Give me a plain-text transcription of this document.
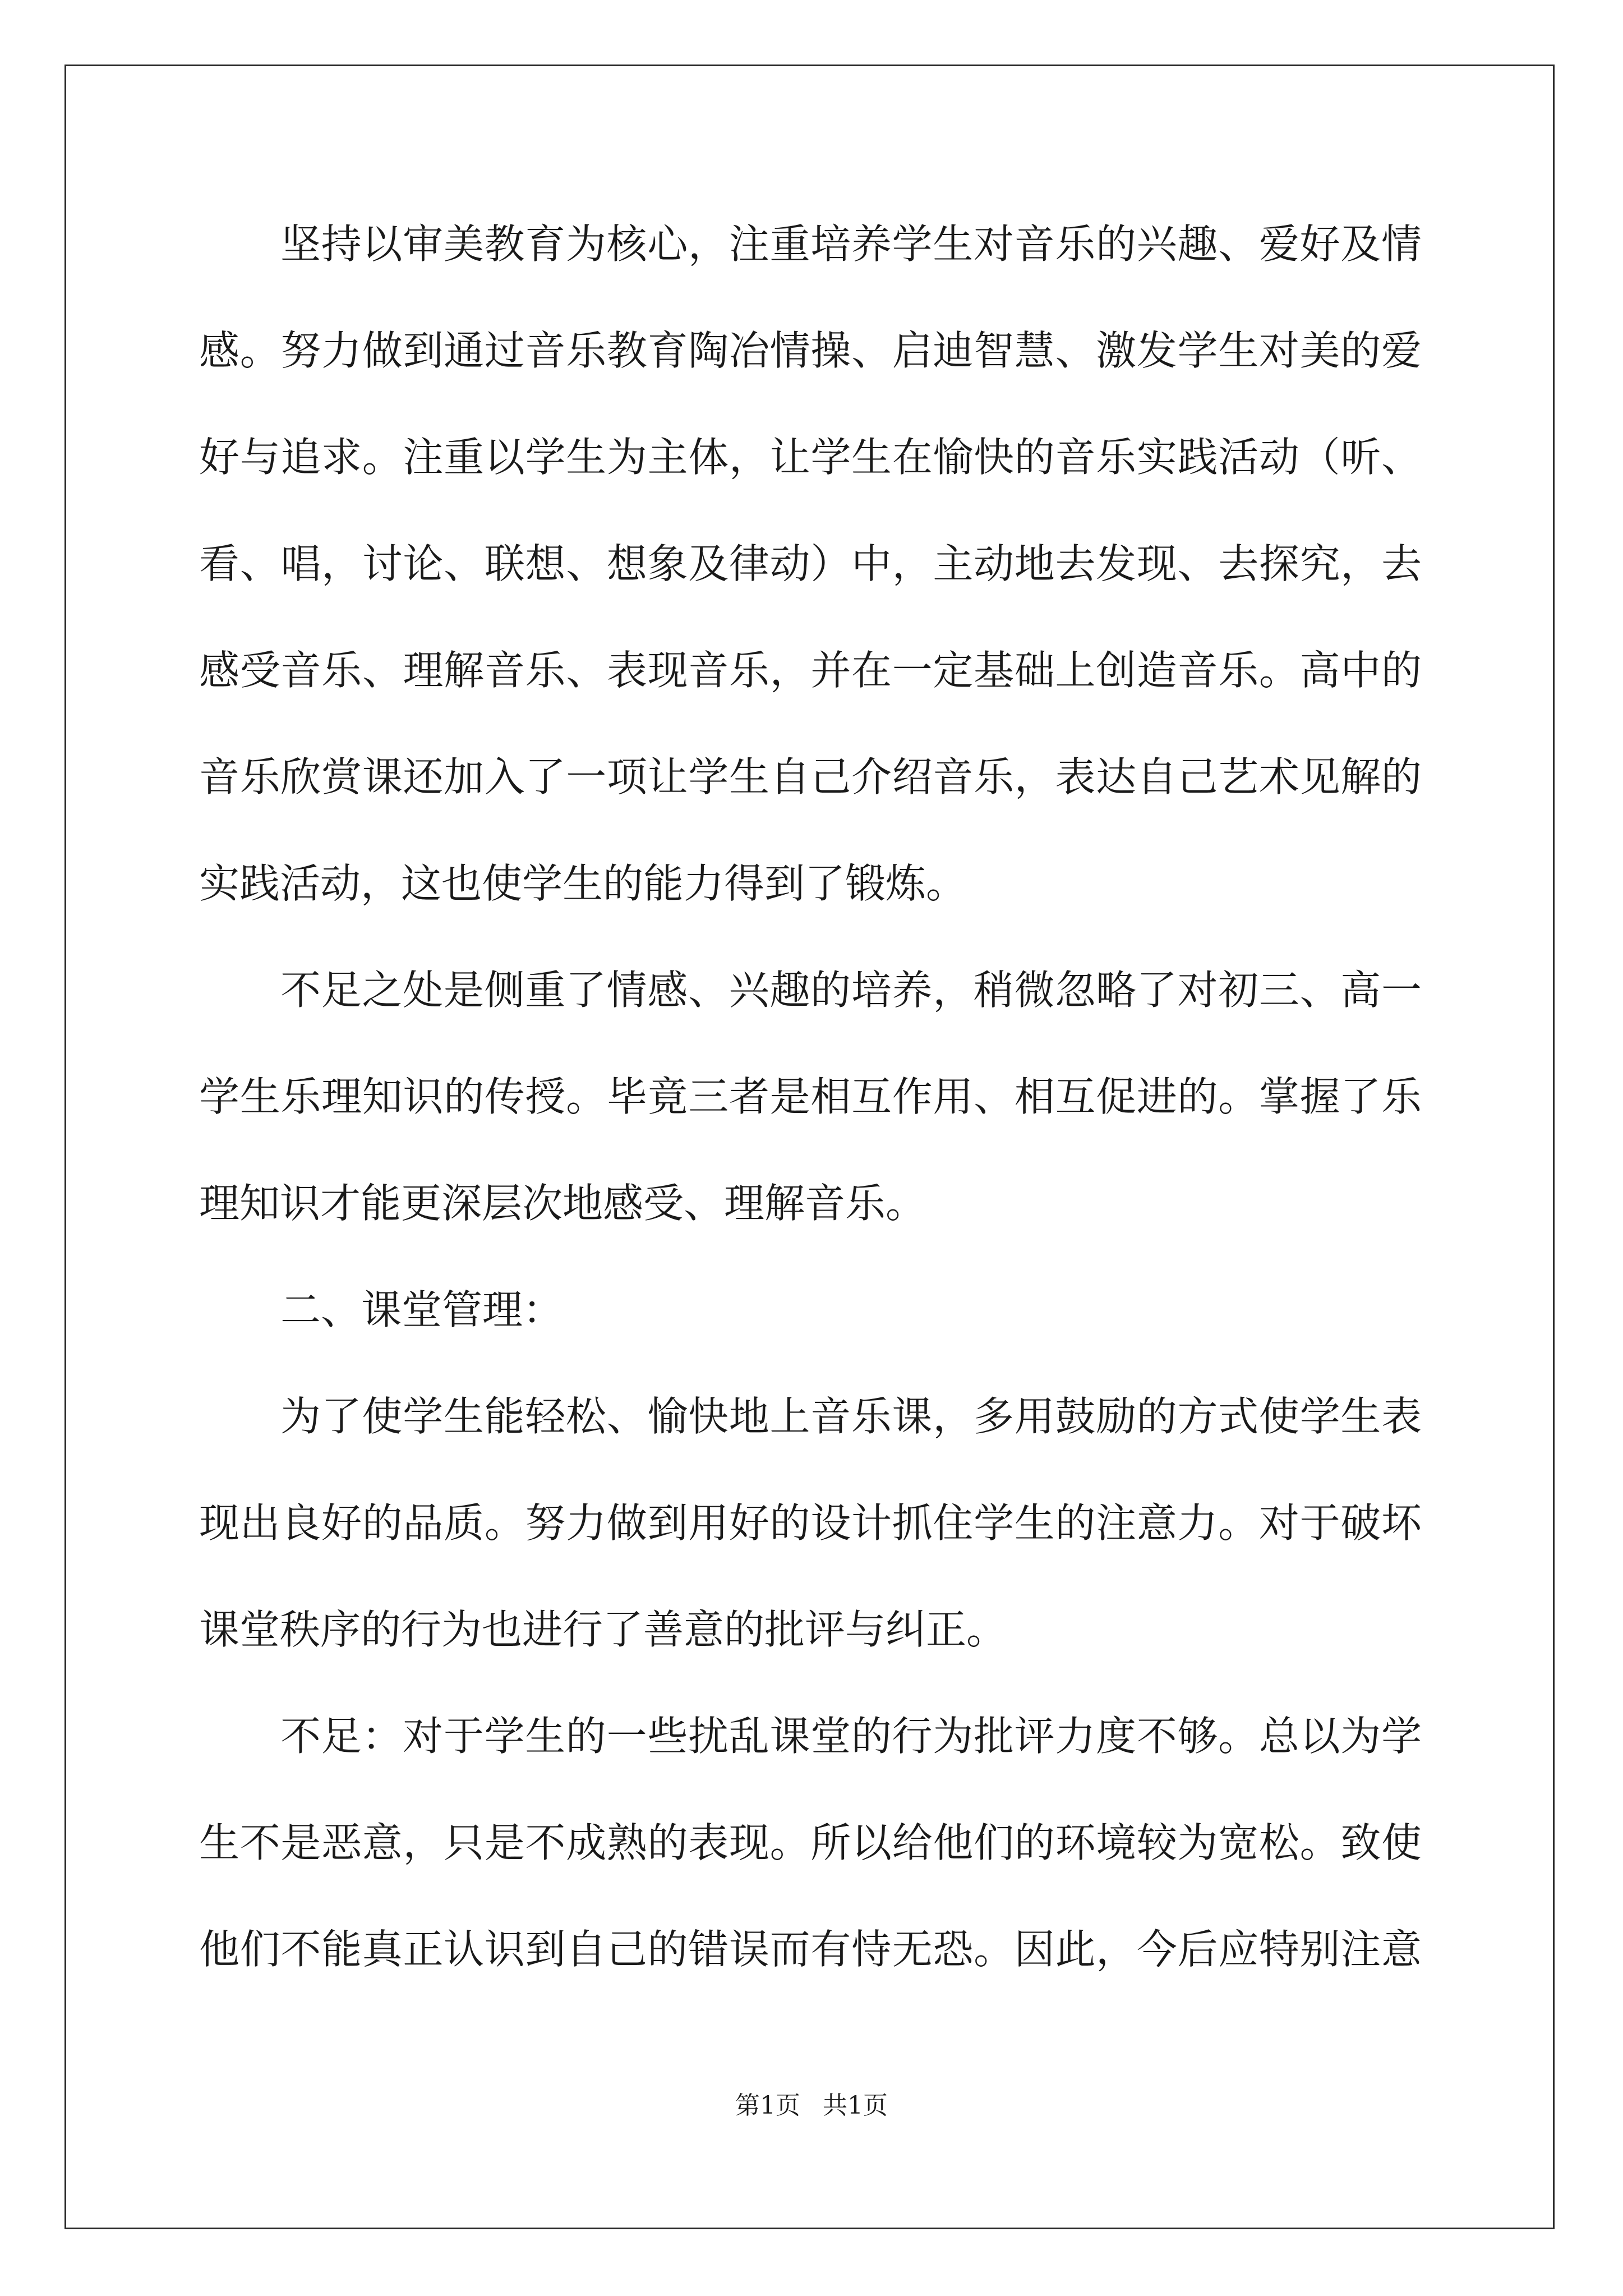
坚持以审美教育为核心，注重培养学生对音乐的兴趣、爱好及情
感。努力做到通过音乐教育陶冶情操、启迪智慧、激发学生对美的爱
好与追求。注重以学生为主体，让学生在愉快的音乐实践活动（听、
看、唱，讨论、联想、想象及律动）中，主动地去发现、去探究，去
感受音乐、理解音乐、表现音乐，并在一定基础上创造音乐。高中的
音乐欣赏课还加入了一项让学生自己介绍音乐，表达自己艺术见解的
实践活动，这也使学生的能力得到了锻炼。
不足之处是侧重了情感、兴趣的培养，稍微忽略了对初三、高一
学生乐理知识的传授。毕竟三者是相互作用、相互促进的。掌握了乐
理知识才能更深层次地感受、理解音乐。
二、课堂管理：
为了使学生能轻松、愉快地上音乐课，多用鼓励的方式使学生表
现出良好的品质。努力做到用好的设计抓住学生的注意力。对于破坏
课堂秩序的行为也进行了善意的批评与纠正。
不足：对于学生的一些扰乱课堂的行为批评力度不够。总以为学
生不是恶意，只是不成熟的表现。所以给他们的环境较为宽松。致使
他们不能真正认识到自己的错误而有恃无恐。因此，今后应特别注意
第1页 共1页
